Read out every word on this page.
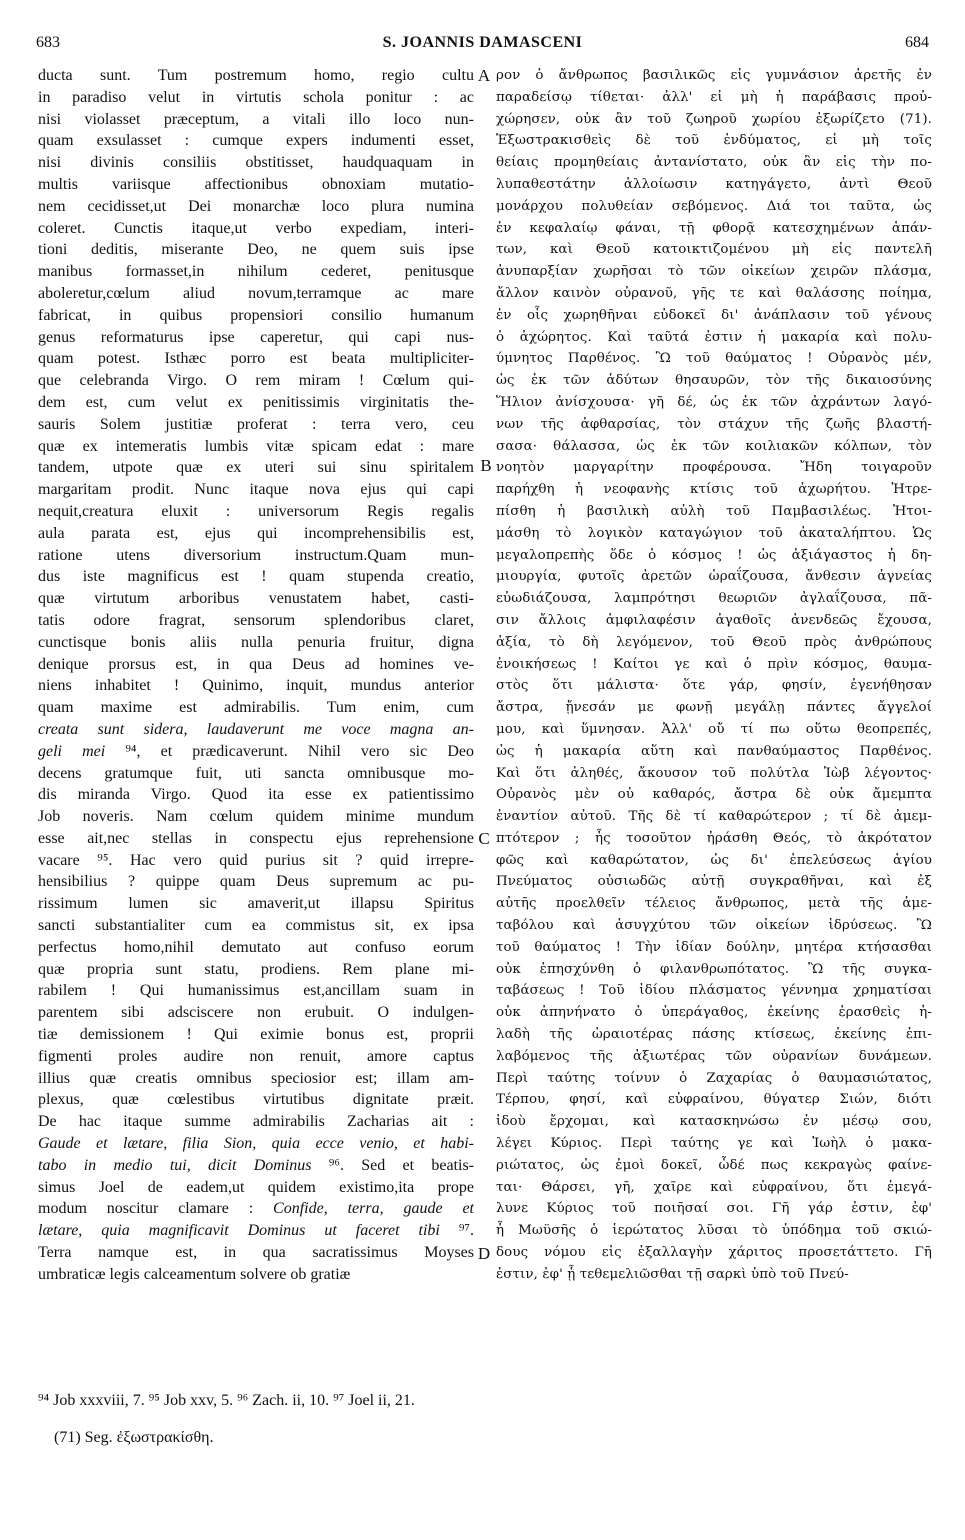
683	S. JOANNIS DAMASCENI	684
ducta sunt. Tum postremum homo, regio cultu
in paradiso velut in virtutis schola ponitur : ac
nisi violasset præceptum, a vitali illo loco nun-
quam exsulasset : cumque expers indumenti esset,
nisi divinis consiliis obstitisset, haudquaquam in
multis variisque affectionibus obnoxiam mutatio-
nem cecidisset,ut Dei monarchæ loco plura numina
coleret. Cunctis itaque,ut verbo expediam, interi-
tioni deditis, miserante Deo, ne quem suis ipse
manibus formasset,in nihilum cederet, penitusque
aboleretur,cœlum aliud novum,terramque ac mare
fabricat, in quibus propensiori consilio humanum
genus reformaturus ipse caperetur, qui capi nus-
quam potest. Isthæc porro est beata multipliciter-
que celebranda Virgo. O rem miram ! Cœlum qui-
dem est, cum velut ex penitissimis virginitatis the-
sauris Solem justitiæ proferat : terra vero, ceu
quæ ex intemeratis lumbis vitæ spicam edat : mare
tandem, utpote quæ ex uteri sui sinu spiritalem
margaritam prodit. Nunc itaque nova ejus qui capi
nequit,creatura eluxit : universorum Regis regalis
aula parata est, ejus qui incomprehensibilis est,
ratione utens diversorium instructum.Quam mun-
dus iste magnificus est ! quam stupenda creatio,
quæ virtutum arboribus venustatem habet, casti-
tatis odore fragrat, sensorum splendoribus claret,
cunctisque bonis aliis nulla penuria fruitur, digna
denique prorsus est, in qua Deus ad homines ve-
niens inhabitet ! Quinimo, inquit, mundus anterior
quam maxime est admirabilis. Tum enim, cum
creata sunt sidera, laudaverunt me voce magna an-
geli mei ⁹⁴, et prædicaverunt. Nihil vero sic Deo
decens gratumque fuit, uti sancta omnibusque mo-
dis miranda Virgo. Quod ita esse ex patientissimo
Job noveris. Nam cœlum quidem minime mundum
esse ait,nec stellas in conspectu ejus reprehensione
vacare ⁹⁵. Hac vero quid purius sit ? quid irrepre-
hensibilius ? quippe quam Deus supremum ac pu-
rissimum lumen sic amaverit,ut illapsu Spiritus
sancti substantialiter cum ea commistus sit, ex ipsa
perfectus homo,nihil demutato aut confuso eorum
quæ propria sunt statu, prodiens. Rem plane mi-
rabilem ! Qui humanissimus est,ancillam suam in
parentem sibi adsciscere non erubuit. O indulgen-
tiæ demissionem ! Qui eximie bonus est, proprii
figmenti proles audire non renuit, amore captus
illius quæ creatis omnibus speciosior est; illam am-
plexus, quæ cœlestibus virtutibus dignitate præit.
De hac itaque summe admirabilis Zacharias ait :
Gaude et lætare, filia Sion, quia ecce venio, et habi-
tabo in medio tui, dicit Dominus ⁹⁶. Sed et beatis-
simus Joel de eadem,ut quidem existimo,ita prope
modum noscitur clamare : Confide, terra, gaude et
lætare, quia magnificavit Dominus ut faceret tibi ⁹⁷.
Terra namque est, in qua sacratissimus Moyses
umbraticæ legis calceamentum solvere ob gratiæ
A
B
C
D
ρον ὁ ἄνθρωπος βασιλικῶς εἰς γυμνάσιον ἀρετῆς ἐν
παραδείσῳ τίθεται· ἀλλ' εἰ μὴ ἡ παράβασις προὐ-
χώρησεν, οὐκ ἂν τοῦ ζωηροῦ χωρίου ἐξωρίζετο (71).
Ἐξωστρακισθεὶς δὲ τοῦ ἐνδύματος, εἰ μὴ τοῖς
θείαις προμηθείαις ἀντανίστατο, οὐκ ἂν εἰς τὴν πο-
λυπαθεστάτην ἀλλοίωσιν κατηγάγετο, ἀντὶ Θεοῦ
μονάρχου πολυθείαν σεβόμενος. Διά τοι ταῦτα, ὡς
ἐν κεφαλαίῳ φάναι, τῇ φθορᾷ κατεσχημένων ἁπάν-
των, καὶ Θεοῦ κατοικτιζομένου μὴ εἰς παντελῆ
ἀνυπαρξίαν χωρῆσαι τὸ τῶν οἰκείων χειρῶν πλάσμα,
ἄλλον καινὸν οὐρανοῦ, γῆς τε καὶ θαλάσσης ποίημα,
ἐν οἷς χωρηθῆναι εὐδοκεῖ δι' ἀνάπλασιν τοῦ γένους
ὁ ἀχώρητος. Καὶ ταῦτά ἐστιν ἡ μακαρία καὶ πολυ-
ύμνητος Παρθένος. Ὢ τοῦ θαύματος ! Οὐρανὸς μέν,
ὡς ἐκ τῶν ἀδύτων θησαυρῶν, τὸν τῆς δικαιοσύνης
Ἥλιον ἀνίσχουσα· γῆ δέ, ὡς ἐκ τῶν ἀχράντων λαγό-
νων τῆς ἀφθαρσίας, τὸν στάχυν τῆς ζωῆς βλαστή-
σασα· θάλασσα, ὡς ἐκ τῶν κοιλιακῶν κόλπων, τὸν
νοητὸν μαργαρίτην προφέρουσα. Ἤδη τοιγαροῦν
παρήχθη ἡ νεοφανὴς κτίσις τοῦ ἀχωρήτου. Ἡτρε-
πίσθη ἡ βασιλικὴ αὐλὴ τοῦ Παμβασιλέως. Ἡτοι-
μάσθη τὸ λογικὸν καταγώγιον τοῦ ἀκαταλήπτου. Ὡς
μεγαλοπρεπὴς ὅδε ὁ κόσμος ! ὡς ἀξιάγαστος ἡ δη-
μιουργία, φυτοῖς ἀρετῶν ὡραΐζουσα, ἄνθεσιν ἁγνείας
εὐωδιάζουσα, λαμπρότησι θεωριῶν ἀγλαΐζουσα, πᾶ-
σιν ἄλλοις ἀμφιλαφέσιν ἀγαθοῖς ἀνενδεῶς ἔχουσα,
ἀξία, τὸ δὴ λεγόμενον, τοῦ Θεοῦ πρὸς ἀνθρώπους
ἐνοικήσεως ! Καίτοι γε καὶ ὁ πρὶν κόσμος, θαυμα-
στὸς ὅτι μάλιστα· ὅτε γάρ, φησίν, ἐγενήθησαν
ἄστρα, ᾔνεσάν με φωνῇ μεγάλῃ πάντες ἄγγελοί
μου, καὶ ὕμνησαν. Ἀλλ' οὔ τί πω οὕτω θεοπρεπές,
ὡς ἡ μακαρία αὕτη καὶ πανθαύμαστος Παρθένος.
Καὶ ὅτι ἀληθές, ἄκουσον τοῦ πολύτλα Ἰὼβ λέγοντος·
Οὐρανὸς μὲν οὐ καθαρός, ἄστρα δὲ οὐκ ἄμεμπτα
ἐναντίον αὐτοῦ. Τῆς δὲ τί καθαρώτερον ; τί δὲ ἀμεμ-
πτότερον ; ἧς τοσοῦτον ἠράσθη Θεός, τὸ ἀκρότατον
φῶς καὶ καθαρώτατον, ὡς δι' ἐπελεύσεως ἁγίου
Πνεύματος οὐσιωδῶς αὐτῇ συγκραθῆναι, καὶ ἐξ
αὐτῆς προελθεῖν τέλειος ἄνθρωπος, μετὰ τῆς ἀμε-
ταβόλου καὶ ἀσυγχύτου τῶν οἰκείων ἱδρύσεως. Ὢ
τοῦ θαύματος ! Τὴν ἰδίαν δούλην, μητέρα κτήσασθαι
οὐκ ἐπησχύνθη ὁ φιλανθρωπότατος. Ὢ τῆς συγκα-
ταβάσεως ! Τοῦ ἰδίου πλάσματος γέννημα χρηματίσαι
οὐκ ἀπηνήνατο ὁ ὑπεράγαθος, ἐκείνης ἐρασθεὶς ἡ-
λαδὴ τῆς ὡραιοτέρας πάσης κτίσεως, ἐκείνης ἐπι-
λαβόμενος τῆς ἀξιωτέρας τῶν οὐρανίων δυνάμεων.
Περὶ ταύτης τοίνυν ὁ Ζαχαρίας ὁ θαυμασιώτατος,
Τέρπου, φησί, καὶ εὐφραίνου, θύγατερ Σιών, διότι
ἰδοὺ ἔρχομαι, καὶ κατασκηνώσω ἐν μέσῳ σου,
λέγει Κύριος. Περὶ ταύτης γε καὶ Ἰωὴλ ὁ μακα-
ριώτατος, ὡς ἐμοὶ δοκεῖ, ὧδέ πως κεκραγὼς φαίνε-
ται· Θάρσει, γῆ, χαῖρε καὶ εὐφραίνου, ὅτι ἐμεγά-
λυνε Κύριος τοῦ ποιῆσαί σοι. Γῆ γάρ ἐστιν, ἐφ'
ἧ Μωϋσῆς ὁ ἱερώτατος λῦσαι τὸ ὑπόδημα τοῦ σκιώ-
δους νόμου εἰς ἐξαλλαγὴν χάριτος προσετάττετο. Γῆ
ἐστιν, ἐφ' ᾗ τεθεμελιῶσθαι τῇ σαρκὶ ὑπὸ τοῦ Πνεύ-
⁹⁴ Job xxxviii, 7. ⁹⁵ Job xxv, 5. ⁹⁶ Zach. ii, 10. ⁹⁷ Joel ii, 21.
(71) Seg. ἐξωστρακίσθη.
